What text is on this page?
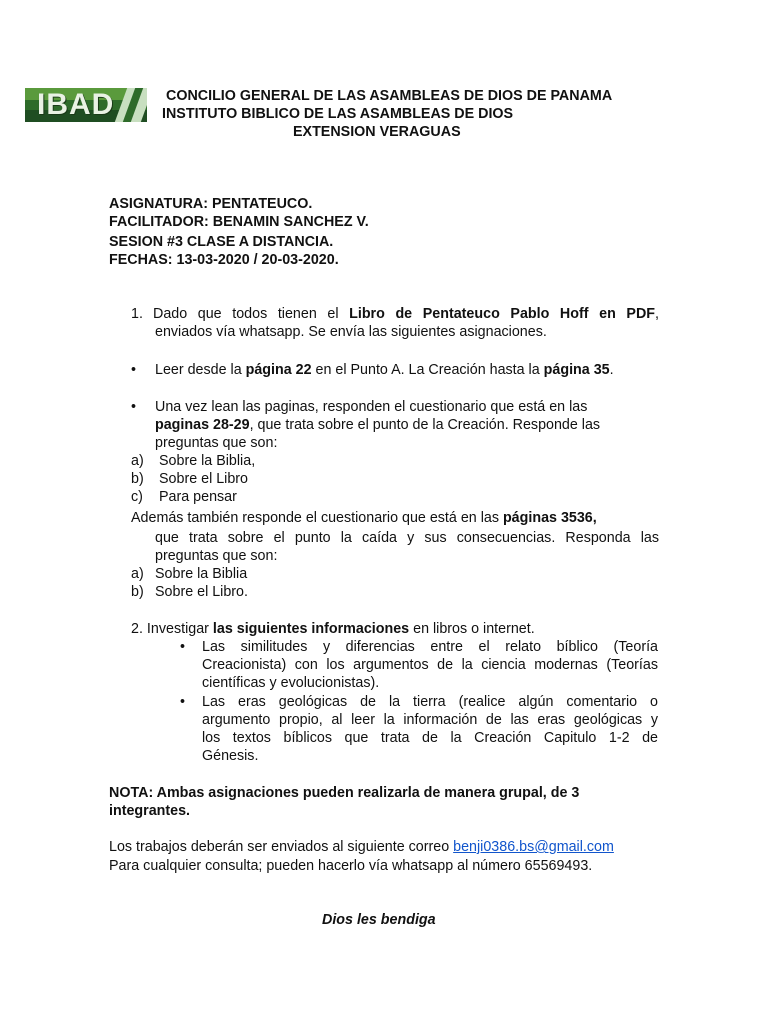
IBAD	CONCILIO GENERAL DE LAS ASAMBLEAS DE DIOS DE PANAMA
INSTITUTO BIBLICO DE LAS ASAMBLEAS DE DIOS
EXTENSION VERAGUAS
ASIGNATURA: PENTATEUCO.
FACILITADOR: BENAMIN SANCHEZ V.
SESION #3 CLASE A DISTANCIA.
FECHAS: 13-03-2020 / 20-03-2020.
1. Dado que todos tienen el Libro de Pentateuco Pablo Hoff en PDF,
enviados vía whatsapp. Se envía las siguientes asignaciones.
• Leer desde la página 22 en el Punto A. La Creación hasta la página 35.
• Una vez lean las paginas, responden el cuestionario que está en las
paginas 28-29, que trata sobre el punto de la Creación. Responde las
preguntas que son:
a) Sobre la Biblia,
b) Sobre el Libro
c) Para pensar
Además también responde el cuestionario que está en las páginas 3536,
que trata sobre el punto la caída y sus consecuencias. Responda las
preguntas que son:
a) Sobre la Biblia
b) Sobre el Libro.
2. Investigar las siguientes informaciones en libros o internet.
• Las similitudes y diferencias entre el relato bíblico (Teoría
Creacionista) con los argumentos de la ciencia modernas (Teorías
científicas y evolucionistas).
• Las eras geológicas de la tierra (realice algún comentario o
argumento propio, al leer la información de las eras geológicas y
los textos bíblicos que trata de la Creación Capitulo 1-2 de
Génesis.
NOTA: Ambas asignaciones pueden realizarla de manera grupal, de 3
integrantes.
Los trabajos deberán ser enviados al siguiente correo benji0386.bs@gmail.com
Para cualquier consulta; pueden hacerlo vía whatsapp al número 65569493.
Dios les bendiga
